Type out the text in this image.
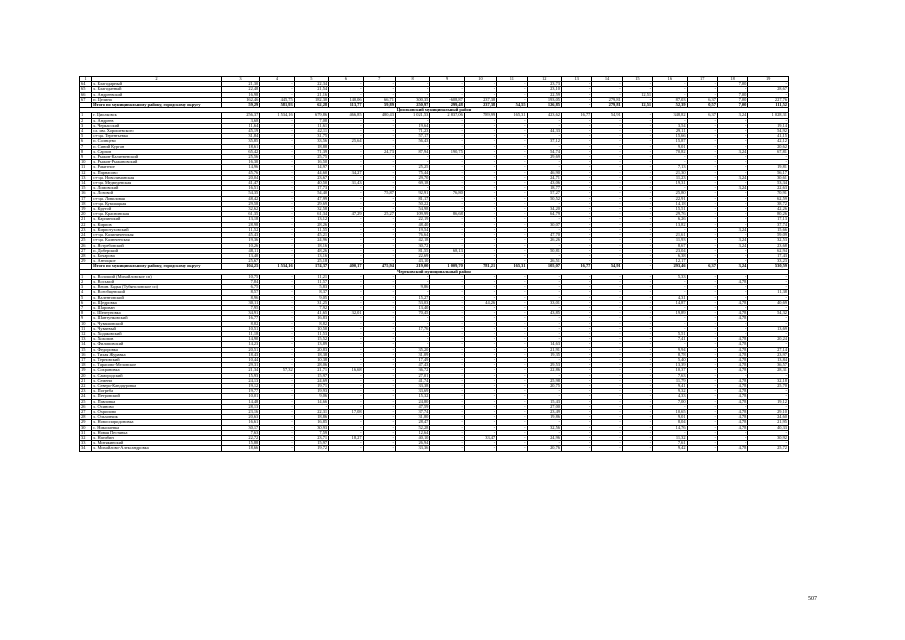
1	2	3	4	5	6	7	8	9	10	11	12	13	14	15	16	17	18	19
64	х. Благодарный	21,30	-	22,34	-	-	-	-	-	-	23,73	-	-	-	-	-	7,00	-
65	х. Благодатный	22,48	-	21,54	-	-	-	-	-	-	23,10	-	-	-	-	-	-	28,67
66	х. Андреевский	16,98	-	21,16	-	-	-	-	-	-	22,59	-	-	12,51	-	-	7,00	-
67	п. Целина	162,46	445,75	182,30	140,06	66,71	300,35	-608,87	237,38	-	193,05	-	279,81	-	87,03	6,37	7,00	227,76
	Итого по муниципальному району, городскому округу	59,29	581,93	62,28	113,77	59,89	250,97	299,48	237,38	54,55	126,85	-	279,81	12,51	52,39	0,57	7,00	111,52
Циолковский муниципальный район																		
1	г. Циолковск	256,37	1 534,16	679,86	466,85	480,43	1 021,53	2 837,06	789,99	165,31	423,62	16,77	54,91	-	348,82	6,37	3,24	1 028,31
2	х. Андреев	3,68	-	7,08	-	-	-	-	-	-	-	-	-	-	-	-	-	-
3	х. Черкасский	11,64	-	11,61	-	-	19,64	-	-	-	-	-	-	-	3,54	-	-	19,14
4	сл. им. Хорошевского	45,19	-	42,11	-	-	71,23	-	-	-	44,33	-	-	-	29,11	-	-	54,92
5	ст-ца. Терентьевка	31,84	-	31,75	-	-	57,17	-	-	-	-	-	-	-	15,66	-	-	41,15
6	п. Солнцево	35,85	-	33,56	25,64	-	56,43	-	-	-	37,12	-	-	-	15,87	-	-	42,12
7	п. Синий Курган	18,61	-	18,88	-	-	-	-	-	-	-	-	-	-	9,01	-	-	20,62
8	х. Сарпов	65,42	-	71,39	-	24,73	87,94	190,75	-	-	54,74	-	-	-	70,82	-	3,24	67,81
9	х. Рыжов-Калитвенский	25,56	-	25,75	-	-	-	-	-	-	29,69	-	-	-	-	-	-	-
10	х. Рыжов-Рыжановский	16,30	-	16,50	-	-	-	-	-	-	-	-	-	-	-	-	-	-
11	х. Ракитное	14,96	-	14,97	-	-	25,25	-	-	-	-	-	-	-	7,13	-	-	19,81
12	х. Парнасово	45,76	-	44,60	34,27	-	75,44	-	-	-	46,90	-	-	-	21,30	-	-	56,17
13	ст-ца. Новолиманская	20,04	-	23,67	-	-	29,70	-	-	-	24,71	-	-	-	11,23	-	3,24	30,61
14	ст-ца. Медведевская	41,47	-	40,50	31,43	-	69,18	-	-	-	43,06	-	-	-	19,31	-	-	53,34
15	х. Ломовский	16,51	-	17,73	-	-	-	-	-	-	18,77	-	-	-	-	-	3,24	22,63
16	х. Лозовой	54,35	-	54,40	-	75,87	92,91	76,80	-	-	57,27	-	-	-	25,80	-	-	70,91
17	ст-ца. Ловиловая	48,42	-	47,99	-	-	81,17	-	-	-	50,52	-	-	-	22,91	-	-	62,59
18	ст-ца. Кумшацкая	29,58	-	29,69	-	-	50,22	-	-	-	-	-	-	-	14,18	-	-	38,72
19	х. Крутой	32,62	-	32,58	-	-	54,98	-	-	-	34,20	-	-	-	15,51	-	-	42,26
20	ст-ца. Краснинская	61,35	-	61,34	47,29	25,27	109,99	86,68	-	-	64,79	-	-	-	29,76	-	-	80,26
21	х. Карпинский	13,18	-	13,12	-	-	22,19	-	-	-	-	-	-	-	6,26	-	-	17,13
22	х. Кирпов	28,98	-	28,26	-	-	48,40	-	-	-	30,07	-	-	-	13,82	-	-	37,74
23	х. Кирпотуховский	11,52	-	11,55	-	-	19,54	-	-	-	-	-	-	-	-	-	3,24	15,66
24	ст-ца. Калиниченская	45,43	-	45,21	-	-	76,64	-	-	-	47,70	-	-	-	21,61	-	-	59,09
25	ст-ца. Калюченская	19,36	-	24,96	-	-	42,18	-	-	-	26,26	-	-	-	11,93	-	3,24	32,53
26	х. Ястребовский	10,26	-	18,16	-	-	30,72	-	-	-	-	-	-	-	8,67	-	3,24	23,68
27	п. Доберский	48,11	-	48,26	-	-	81,55	68,13	-	-	50,81	-	-	-	23,04	-	-	62,94
28	х. Бочарова	13,40	-	13,16	-	-	22,69	-	-	-	-	-	-	-	6,38	-	-	17,43
29	х. Антоцкое	25,67	-	25,18	-	-	43,10	-	-	-	26,51	-	-	-	12,17	-	-	33,23
	Итого по муниципальному району, городскому округу	104,25	1 534,16	174,37	400,17	475,94	219,00	1 009,70	781,21	165,31	105,07	16,77	54,91	-	293,46	6,37	3,24	530,59
Чертковский муниципальный район																		
1	х. Волоший (Михайловское сп)	10,75	-	11,21	-	-	-	-	-	-	-	-	-	-	5,33	-	-	-
2	х. Восьмой	7,84	-	11,57	-	-	-	-	-	-	-	-	-	-	-	-	4,78	-
3	х. Вешн. Бадья (Тубянсловское сп)	6,75	-	5,83	-	-	9,86	-	-	-	-	-	-	-	-	-	-	-
4	х. Всеобщевский	8,57	-	8,37	-	-	-	-	-	-	-	-	-	-	-	-	-	11,38
5	х. Валентовский	8,96	-	9,05	-	-	15,27	-	-	-	-	-	-	-	4,31	-	-	-
6	п. Щедровка	30,11	-	31,25	-	-	53,03	-	44,26	-	33,01	-	-	-	14,87	-	4,78	40,69
7	х. Шарован	7,95	-	7,92	-	-	13,40	-	-	-	-	-	-	-	-	-	-	-
8	с. Шептуновка	34,91	-	41,65	32,01	-	70,45	-	-	-	43,85	-	-	-	19,89	-	4,78	54,32
9	х. Шантунковский	16,77	-	16,83	-	-	-	-	-	-	-	-	-	-	-	-	4,78	-
10	х. Чувашовский	8,82	-	8,82	-	-	-	-	-	-	-	-	-	-	-	-	-	-
11	х. Чуваевый	10,51	-	10,50	-	-	17,76	-	-	-	-	-	-	-	-	-	-	13,69
12	х. Ходаковский	11,18	-	11,53	-	-	-	-	-	-	-	-	-	-	5,51	-	-	-
13	х. Хохопов	14,90	-	15,52	-	-	-	-	-	-	-	-	-	-	7,41	-	4,78	20,24
14	х. Филиповский	14,23	-	13,89	-	-	-	-	-	-	14,63	-	-	-	-	-	4,78	-
15	х. Федоровка	20,51	-	20,83	-	-	35,20	-	-	-	21,91	-	-	-	9,94	-	4,78	27,14
16	с. Тихая Журавка	18,43	-	18,38	-	-	31,09	-	-	-	19,35	-	-	-	8,78	-	4,78	23,97
17	х. Терновский	10,44	-	10,38	-	-	17,49	-	-	-	-	-	-	-	5,40	-	4,78	13,84
18	с. Тарасово-Меловское	29,31	-	28,06	-	-	47,43	-	-	-	29,53	-	-	-	13,39	-	4,78	36,57
19	х. Сохрановка	21,34	57,32	21,71	16,68	-	36,72	-	-	-	22,86	-	-	-	10,37	-	4,78	28,31
20	х. Самородский	15,93	-	15,97	-	-	27,01	-	-	-	-	-	-	-	7,63	-	-	-
21	х. Семени	24,13	-	24,69	-	-	41,74	-	-	-	25,98	-	-	-	11,79	-	4,78	32,18
22	х. Северо-Кандауровка	19,12	-	19,71	-	-	33,38	-	-	-	20,75	-	-	-	9,41	-	4,78	25,70
23	х. Погреба	19,77	-	19,93	-	-	33,69	-	-	-	-	-	-	-	9,32	-	4,78	-
24	х. Петровский	10,01	-	9,06	-	-	15,32	-	-	-	-	-	-	-	4,33	-	4,78	-
25	х. Павловка	14,48	-	14,66	-	-	24,80	-	-	-	15,43	-	-	-	7,00	-	4,78	19,12
26	х. Осиново	28,13	-	-	-	-	47,59	-	-	-	27,00	-	-	-	-	-	-	-
27	х. Охрипово	23,16	-	22,31	17,08	-	37,74	-	-	-	23,49	-	-	-	10,65	-	4,78	29,10
28	х. Ольховчик	20,63	-	18,86	-	-	31,80	-	-	-	19,86	-	-	-	9,01	-	4,78	24,60
29	х. Новоспиридоновка	16,61	-	16,85	-	-	28,47	-	-	-	-	-	-	-	8,04	-	4,78	21,95
30	с. Николаевка	30,17	-	30,93	-	-	52,28	-	-	-	32,56	-	-	-	14,76	-	4,78	40,33
31	х. Новая Пестянка	7,63	-	7,59	-	-	12,64	-	-	-	-	-	-	-	-	-	-	-
32	х. Нагибин	22,72	-	23,71	18,27	-	40,10	-	33,47	-	24,96	-	-	-	11,32	-	-	30,92
33	х. Митякинский	15,88	-	15,97	-	-	26,94	-	-	-	-	-	-	-	7,61	-	-	-
34	х. Михайлово-Александровка	18,66	-	19,72	-	-	33,36	-	-	-	20,76	-	-	-	9,42	-	4,78	25,72
507
